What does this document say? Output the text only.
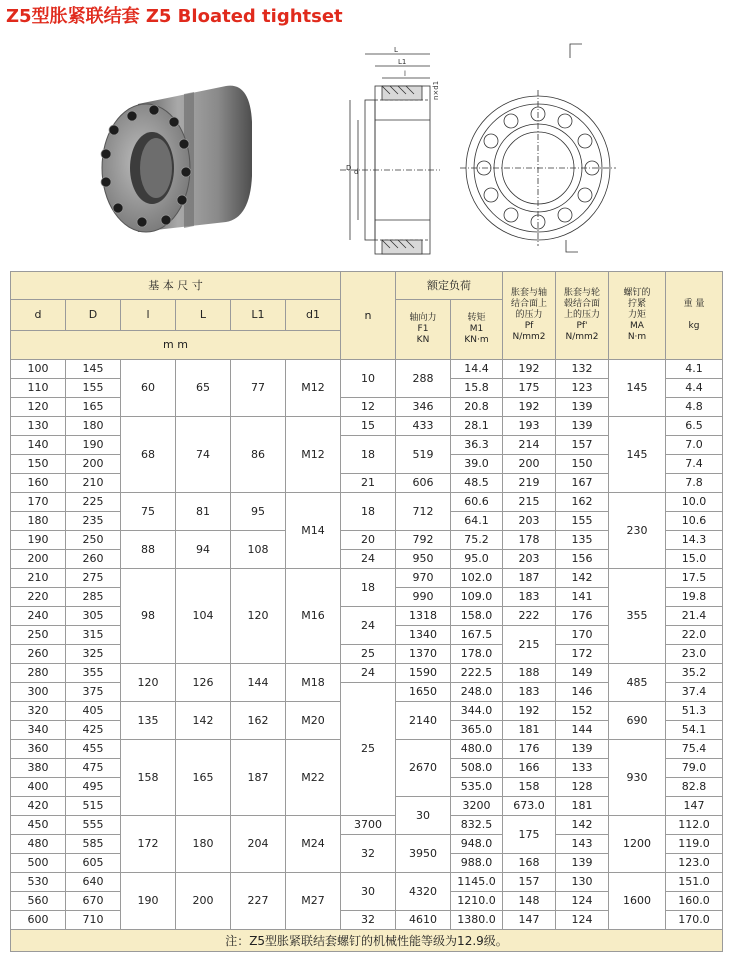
Z5型胀紧联结套 Z5 Bloated tightset
L
L1
l
n×d1
D d
基 本 尺 寸						n	额定负荷		胀套与轴
结合面上
的压力
Pf
N/mm2	胀套与轮
毂结合面
上的压力
Pf'
N/mm2	螺钉的
拧紧
力矩
MA
N·m	重 量

kg	
d	D	l	L	L1	d1		轴向力
F1
KN	转矩
M1
KN·m					
m m													
100	145	60	65	77	M12	10	288	14.4	192	132	145	4.1	
110	155							15.8	175	123		4.4	
120	165					12	346	20.8	192	139		4.8	
130	180	68	74	86	M12	15	433	28.1	193	139	145	6.5	
140	190					18	519	36.3	214	157		7.0	
150	200							39.0	200	150		7.4	
160	210					21	606	48.5	219	167		7.8	
170	225	75	81	95	M14	18	712	60.6	215	162	230	10.0	
180	235							64.1	203	155		10.6	
190	250	88	94	108		20	792	75.2	178	135		14.3	
200	260					24	950	95.0	203	156		15.0	
210	275	98	104	120	M16	18	970	102.0	187	142	355	17.5	
220	285						990	109.0	183	141		19.8	
240	305					24	1318	158.0	222	176		21.4	
250	315						1340	167.5	215	170		22.0	
260	325					25	1370	178.0		172		23.0	
280	355	120	126	144	M18	24	1590	222.5	188	149	485	35.2	
300	375					25	1650	248.0	183	146		37.4	
320	405	135	142	162	M20		2140	344.0	192	152	690	51.3	
340	425							365.0	181	144		54.1	
360	455	158	165	187	M22		2670	480.0	176	139	930	75.4	
380	475							508.0	166	133		79.0	
400	495							535.0	158	128		82.8	
420	515						30	3200	673.0	181		147	
450	555	172	180	204	M24	3700		832.5	175	142	1200	112.0	
480	585					32	3950	948.0		143		119.0	
500	605							988.0	168	139		123.0	
530	640	190	200	227	M27	30	4320	1145.0	157	130	1600	151.0	
560	670							1210.0	148	124		160.0	
600	710					32	4610	1380.0	147	124		170.0	
注：Z5型胀紧联结套螺钉的机械性能等级为12.9级。													
